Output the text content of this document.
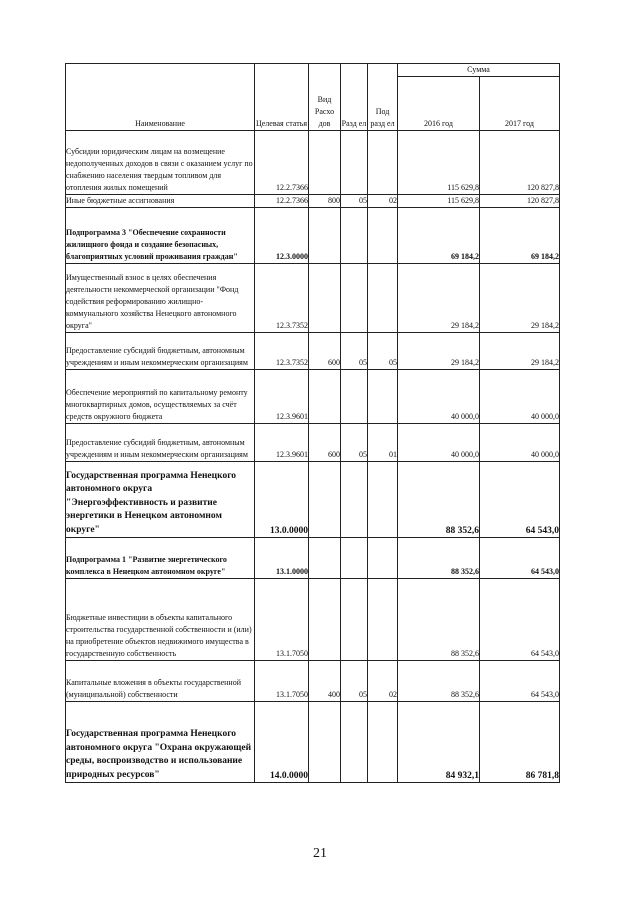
Наименование	Целевая статья	Вид Расхо дов	Разд ел	Под разд ел	Сумма	
					2016 год	2017 год
Субсидии юридическим лицам на возмещение недополученных доходов в связи с оказанием услуг по снабжению населения твердым топливом для отопления жилых помещений	12.2.7366				115 629,8	120 827,8
Иные бюджетные ассигнования	12.2.7366	800	05	02	115 629,8	120 827,8
Подпрограмма 3 "Обеспечение сохранности жилищного фонда и создание безопасных, благоприятных условий проживания граждан"	12.3.0000				69 184,2	69 184,2
Имущественный взнос в целях обеспечения деятельности некоммерческой организации "Фонд содействия реформированию жилищно-коммунального хозяйства Ненецкого автономного округа"	12.3.7352				29 184,2	29 184,2
Предоставление субсидий бюджетным, автономным учреждениям и иным некоммерческим организациям	12.3.7352	600	05	05	29 184,2	29 184,2
Обеспечение мероприятий по капитальному ремонту многоквартирных домов, осуществляемых за счёт средств окружного бюджета	12.3.9601				40 000,0	40 000,0
Предоставление субсидий бюджетным, автономным учреждениям и иным некоммерческим организациям	12.3.9601	600	05	01	40 000,0	40 000,0
Государственная программа Ненецкого автономного округа "Энергоэффективность и развитие энергетики в Ненецком автономном округе"	13.0.0000				88 352,6	64 543,0
Подпрограмма 1 "Развитие энергетического комплекса в Ненецком автономном округе"	13.1.0000				88 352,6	64 543,0
Бюджетные инвестиции в объекты капитального строительства государственной собственности и (или) на приобретение объектов недвижимого имущества в государственную собственность	13.1.7050				88 352,6	64 543,0
Капитальные вложения в объекты государственной (муниципальной) собственности	13.1.7050	400	05	02	88 352,6	64 543,0
Государственная программа Ненецкого автономного округа "Охрана окружающей среды, воспроизводство и использование природных ресурсов"	14.0.0000				84 932,1	86 781,8
21
